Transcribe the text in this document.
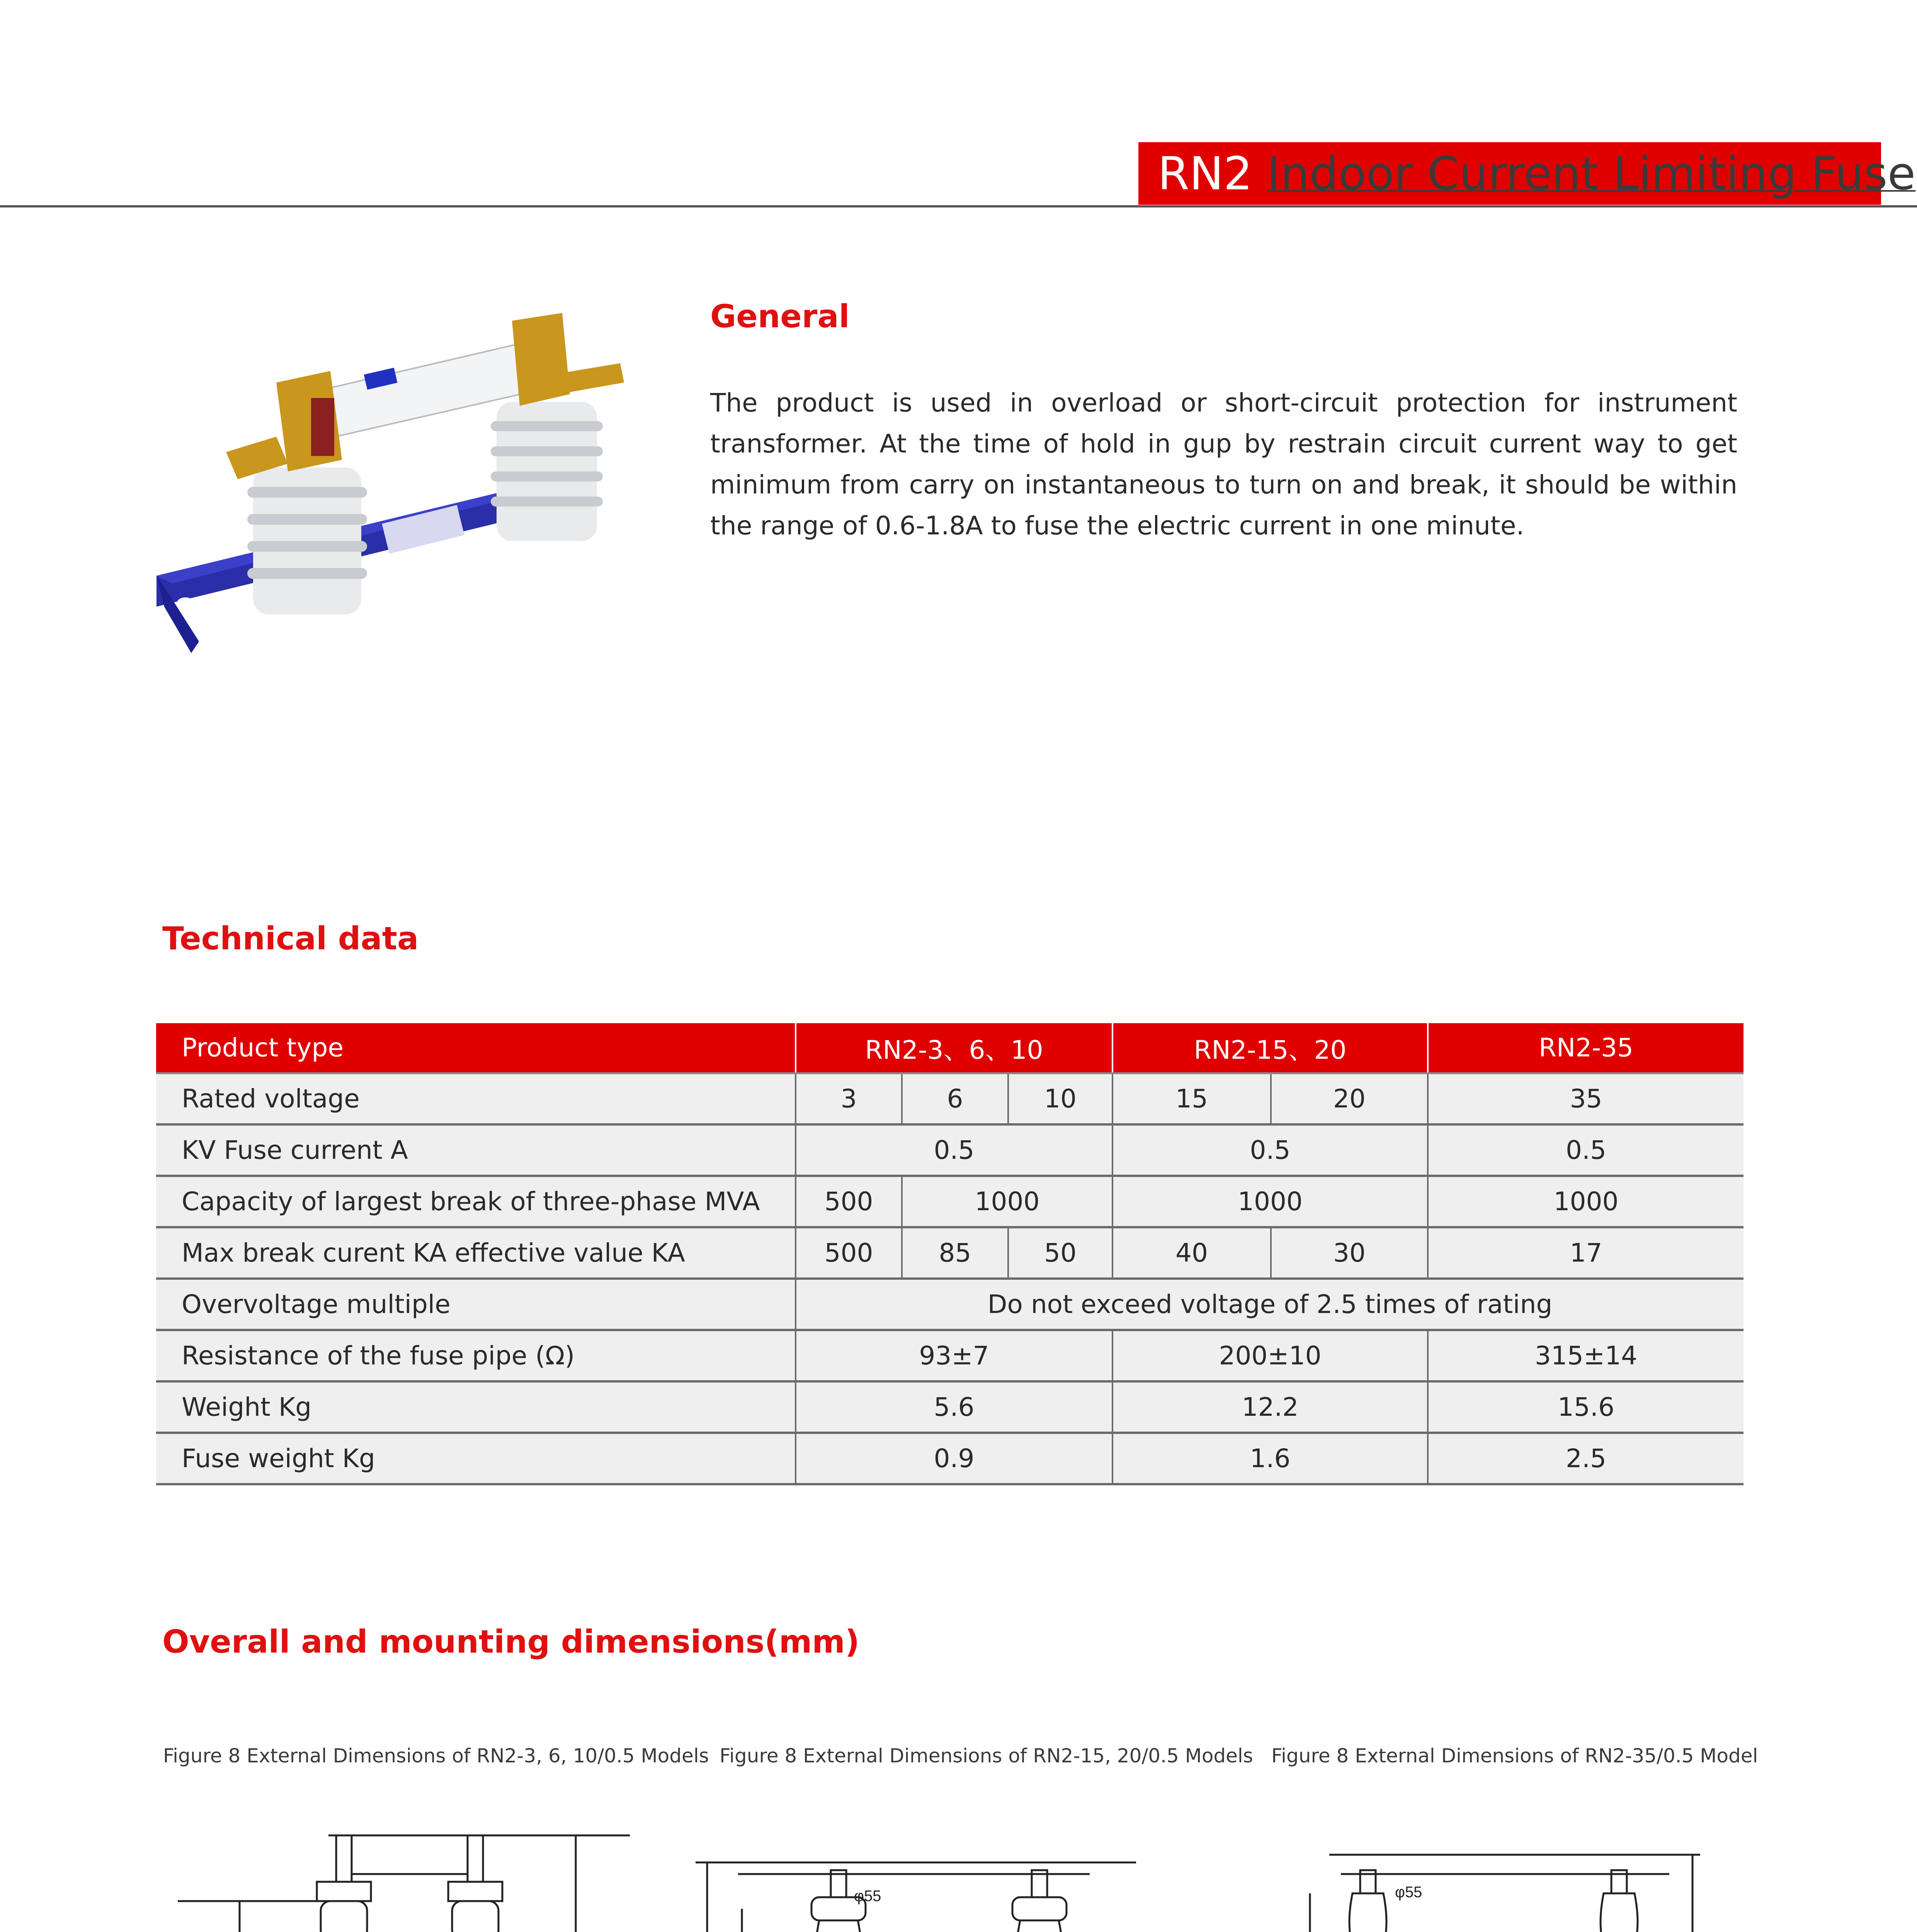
RN2 Indoor Current Limiting Fuse
General

The product is used in overload or short-circuit protection for instrument transformer. At the time of hold in gup by restrain circuit current way to get minimum from carry on instantaneous to turn on and break, it should be within the range of 0.6-1.8A to fuse the electric current in one minute.

Technical data
Product type	RN2-3、6、10			RN2-15、20		RN2-35
Rated voltage	3	6	10	15	20	35
KV Fuse current A	0.5			0.5		0.5
Capacity of largest break of three-phase MVA	500	1000		1000		1000
Max break curent KA effective value KA	500	85	50	40	30	17
Overvoltage multiple	Do not exceed voltage of 2.5 times of rating					
Resistance of the fuse pipe (Ω)	93±7			200±10		315±14
Weight Kg	5.6			12.2		15.6
Fuse weight Kg	0.9			1.6		2.5
Overall and mounting dimensions(mm)
Figure 8 External Dimensions of RN2-3, 6, 10/0.5 Models Figure 8 External Dimensions of RN2-15, 20/0.5 Models Figure 8 External Dimensions of RN2-35/0.5 Model
φ55	φ55
